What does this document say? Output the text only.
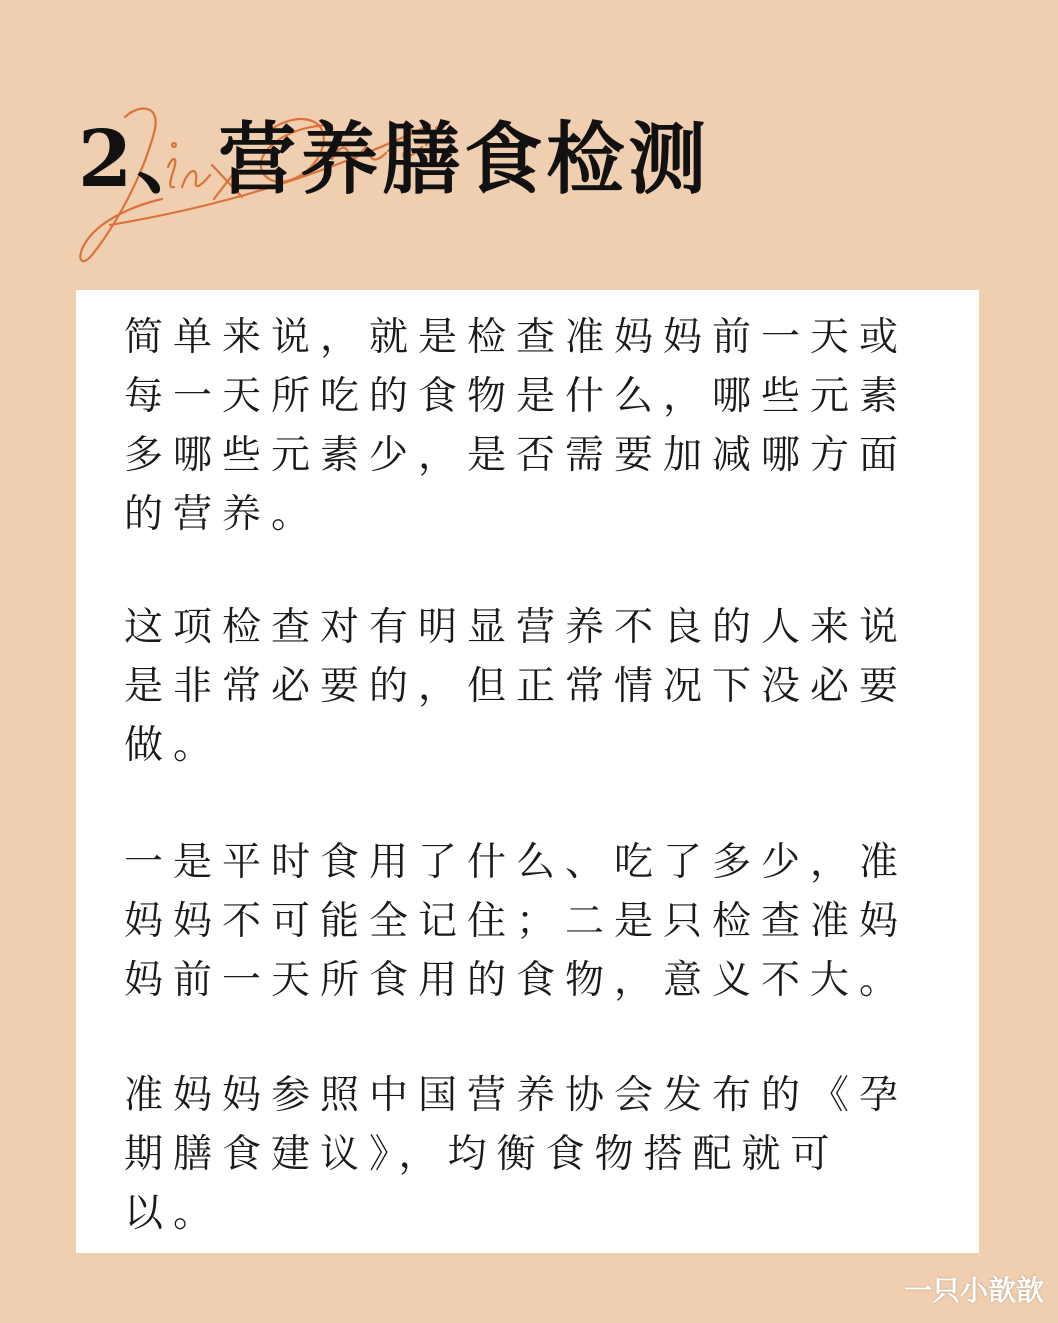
2、营养膳食检测

简单来说，就是检查准妈妈前一天或
每一天所吃的食物是什么，哪些元素
多哪些元素少，是否需要加减哪方面
的营养。

这项检查对有明显营养不良的人来说
是非常必要的，但正常情况下没必要
做。

一是平时食用了什么、吃了多少，准
妈妈不可能全记住；二是只检查准妈
妈前一天所食用的食物，意义不大。

准妈妈参照中国营养协会发布的《孕
期膳食建议》，均衡食物搭配就可
以。

一只小歆歆
